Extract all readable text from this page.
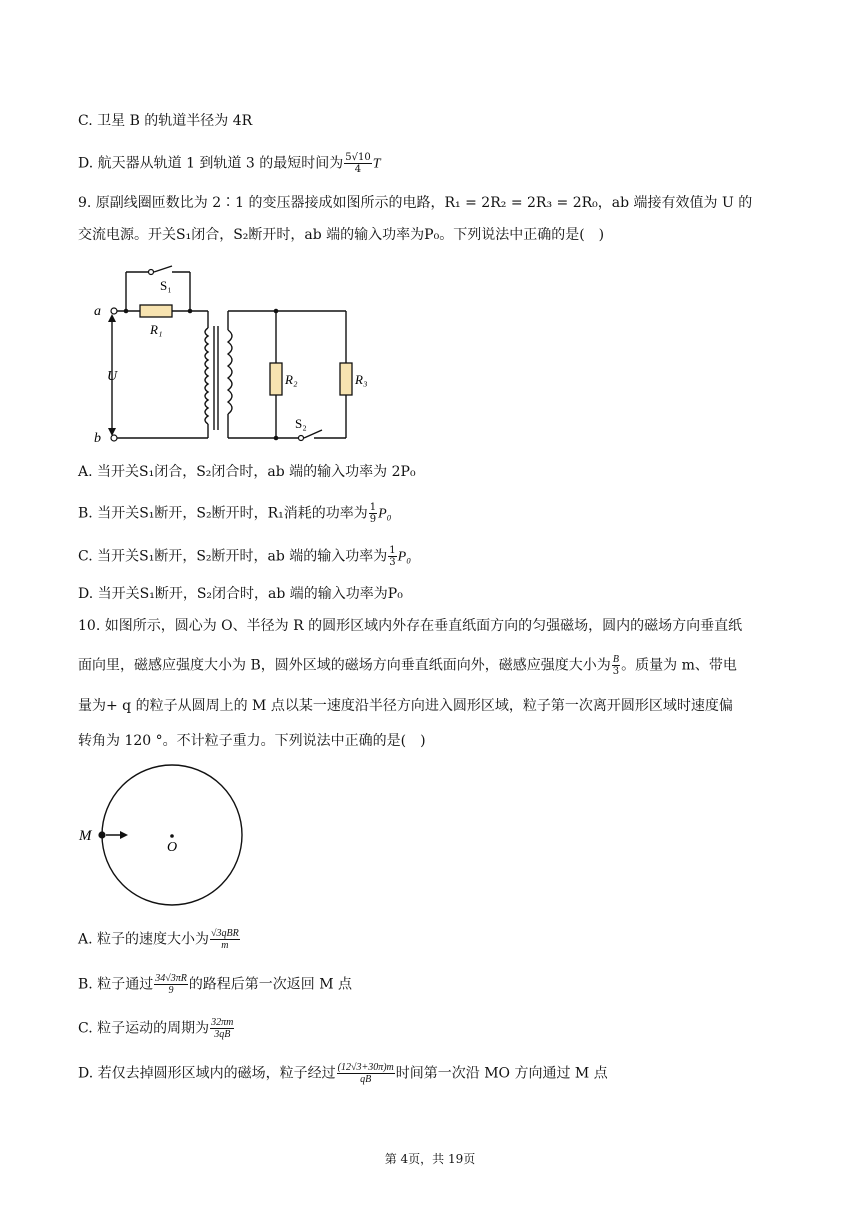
C. 卫星 B 的轨道半径为 4R
D. 航天器从轨道 1 到轨道 3 的最短时间为 $\frac{5√10}{4}$ T
9. 原副线圈匝数比为 2∶1 的变压器接成如图所示的电路，R₁ = 2R₂ = 2R₃ = 2R₀，ab 端接有效值为 U 的
交流电源。开关S₁闭合，S₂断开时，ab 端的输入功率为P₀。下列说法中正确的是(　)
a
b
U
S₁
S₂
R₁
R₂	R₃
A. 当开关S₁闭合，S₂闭合时，ab 端的输入功率为 2P₀
B. 当开关S₁断开，S₂断开时，R₁消耗的功率为 $\frac{1}{9} P_0$
C. 当开关S₁断开，S₂断开时，ab 端的输入功率为 $\frac{1}{3} P_0$
D. 当开关S₁断开，S₂闭合时，ab 端的输入功率为P₀
10. 如图所示，圆心为 O、半径为 R 的圆形区域内外存在垂直纸面方向的匀强磁场，圆内的磁场方向垂直纸
面向里，磁感应强度大小为 B，圆外区域的磁场方向垂直纸面向外，磁感应强度大小为 $\frac{B}{3}$ 。质量为 m、带电
量为+ q 的粒子从圆周上的 M 点以某一速度沿半径方向进入圆形区域，粒子第一次离开圆形区域时速度偏
转角为 120 °。不计粒子重力。下列说法中正确的是(　)
M
O
A. 粒子的速度大小为 $\frac{\text{√3qBR}}{m}$
B. 粒子通过 $\frac{34√3\pi R}{9}$ 的路程后第一次返回 M 点
C. 粒子运动的周期为 $\frac{32\pi m}{3qB}$
D. 若仅去掉圆形区域内的磁场，粒子经过 $\frac{(12√3+30\pi)m}{qB}$ 时间第一次沿 MO 方向通过 M 点
第 4页，共 19页
